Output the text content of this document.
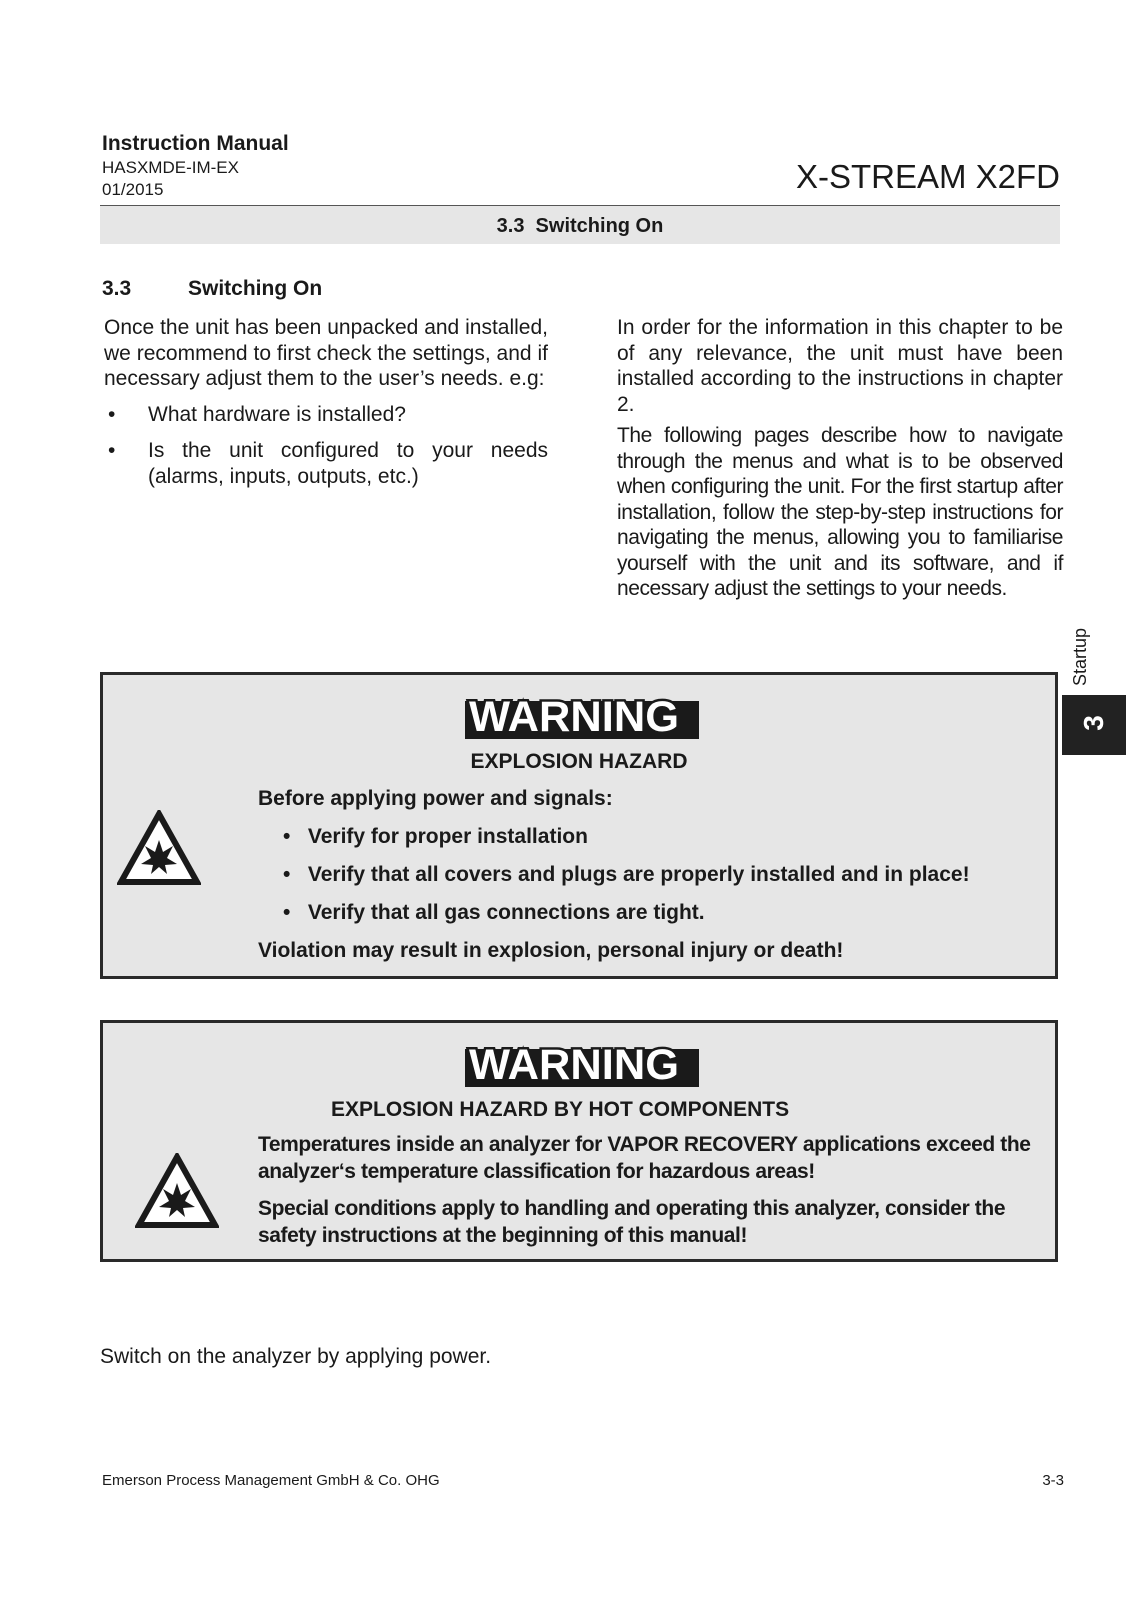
Instruction Manual
HASXMDE-IM-EX
01/2015	X-STREAM X2FD
3.3  Switching On
3.3	Switching On

Once the unit has been unpacked and installed, we recommend to first check the settings, and if necessary adjust them to the user’s needs. e.g:

• What hardware is installed?
• Is the unit configured to your needs (alarms, inputs, outputs, etc.)

In order for the information in this chapter to be of any relevance, the unit must have been installed according to the instructions in chapter 2.

The following pages describe how to navigate through the menus and what is to be observed when configuring the unit. For the first startup after installation, follow the step-by-step instructions for navigating the menus, allowing you to familiarise yourself with the unit and its software, and if necessary adjust the settings to your needs.

Startup
3
WARNING
EXPLOSION HAZARD
Before applying power and signals:
• Verify for proper installation
• Verify that all covers and plugs are properly installed and in place!
• Verify that all gas connections are tight.
Violation may result in explosion, personal injury or death!
WARNING
EXPLOSION HAZARD BY HOT COMPONENTS
Temperatures inside an analyzer for VAPOR RECOVERY applications exceed the analyzer‘s temperature classification for hazardous areas!
Special conditions apply to handling and operating this analyzer, consider the safety instructions at the beginning of this manual!
Switch on the analyzer by applying power.
Emerson Process Management GmbH & Co. OHG	3-3
